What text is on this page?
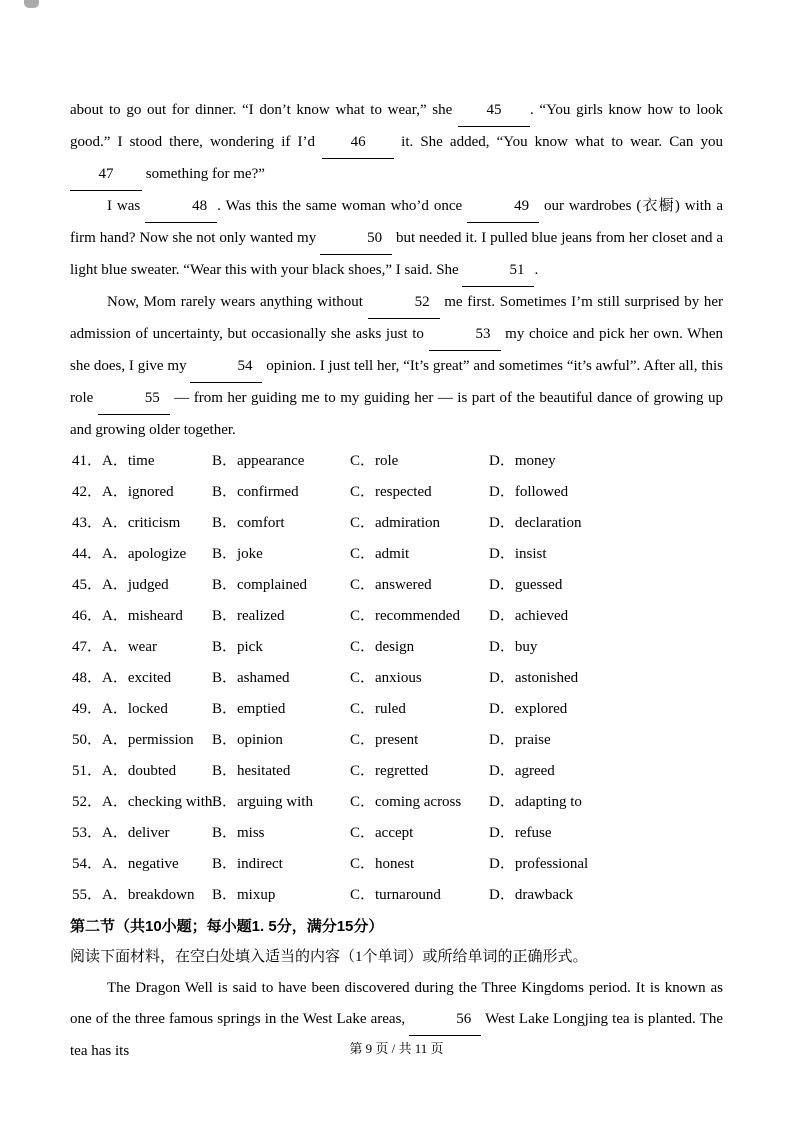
about to go out for dinner. “I don’t know what to wear,” she 45 . “You girls know how to look good.” I stood there, wondering if I’d 46 it. She added, “You know what to wear. Can you 47 something for me?”

I was	48 . Was this the same woman who’d once	49 our wardrobes (衣橱) with a firm hand? Now she not only wanted my	50 but needed it. I pulled blue jeans from her closet and a light blue sweater. “Wear this with your black shoes,” I said. She	51 .

Now, Mom rarely wears anything without	52 me first. Sometimes I’m still surprised by her admission of uncertainty, but occasionally she asks just to	53 my choice and pick her own. When she does, I give my	54 opinion. I just tell her, “It’s great” and sometimes “it’s awful”. After all, this role	55 — from her guiding me to my guiding her — is part of the beautiful dance of growing up and growing older together.

41．A．time	B．appearance	C．role	D．money
42．A．ignored	B．confirmed	C．respected	D．followed
43．A．criticism	B．comfort	C．admiration	D．declaration
44．A．apologize	B．joke	C．admit	D．insist
45．A．judged	B．complained	C．answered	D．guessed
46．A．misheard	B．realized	C．recommended	D．achieved
47．A．wear	B．pick	C．design	D．buy
48．A．excited	B．ashamed	C．anxious	D．astonished
49．A．locked	B．emptied	C．ruled	D．explored
50．A．permission	B．opinion	C．present	D．praise
51．A．doubted	B．hesitated	C．regretted	D．agreed
52．A．checking with B．arguing with	C．coming across	D．adapting to
53．A．deliver	B．miss	C．accept	D．refuse
54．A．negative	B．indirect	C．honest	D．professional
55．A．breakdown	B．mixup	C．turnaround	D．drawback
第二节（共10小题；每小题1. 5分，满分15分）
阅读下面材料，在空白处填入适当的内容（1个单词）或所给单词的正确形式。

The Dragon Well is said to have been discovered during the Three Kingdoms period. It is known as one of the three famous springs in the West Lake areas,	56 West Lake Longjing tea is planted. The tea has its	第 9 页 / 共 11 页
